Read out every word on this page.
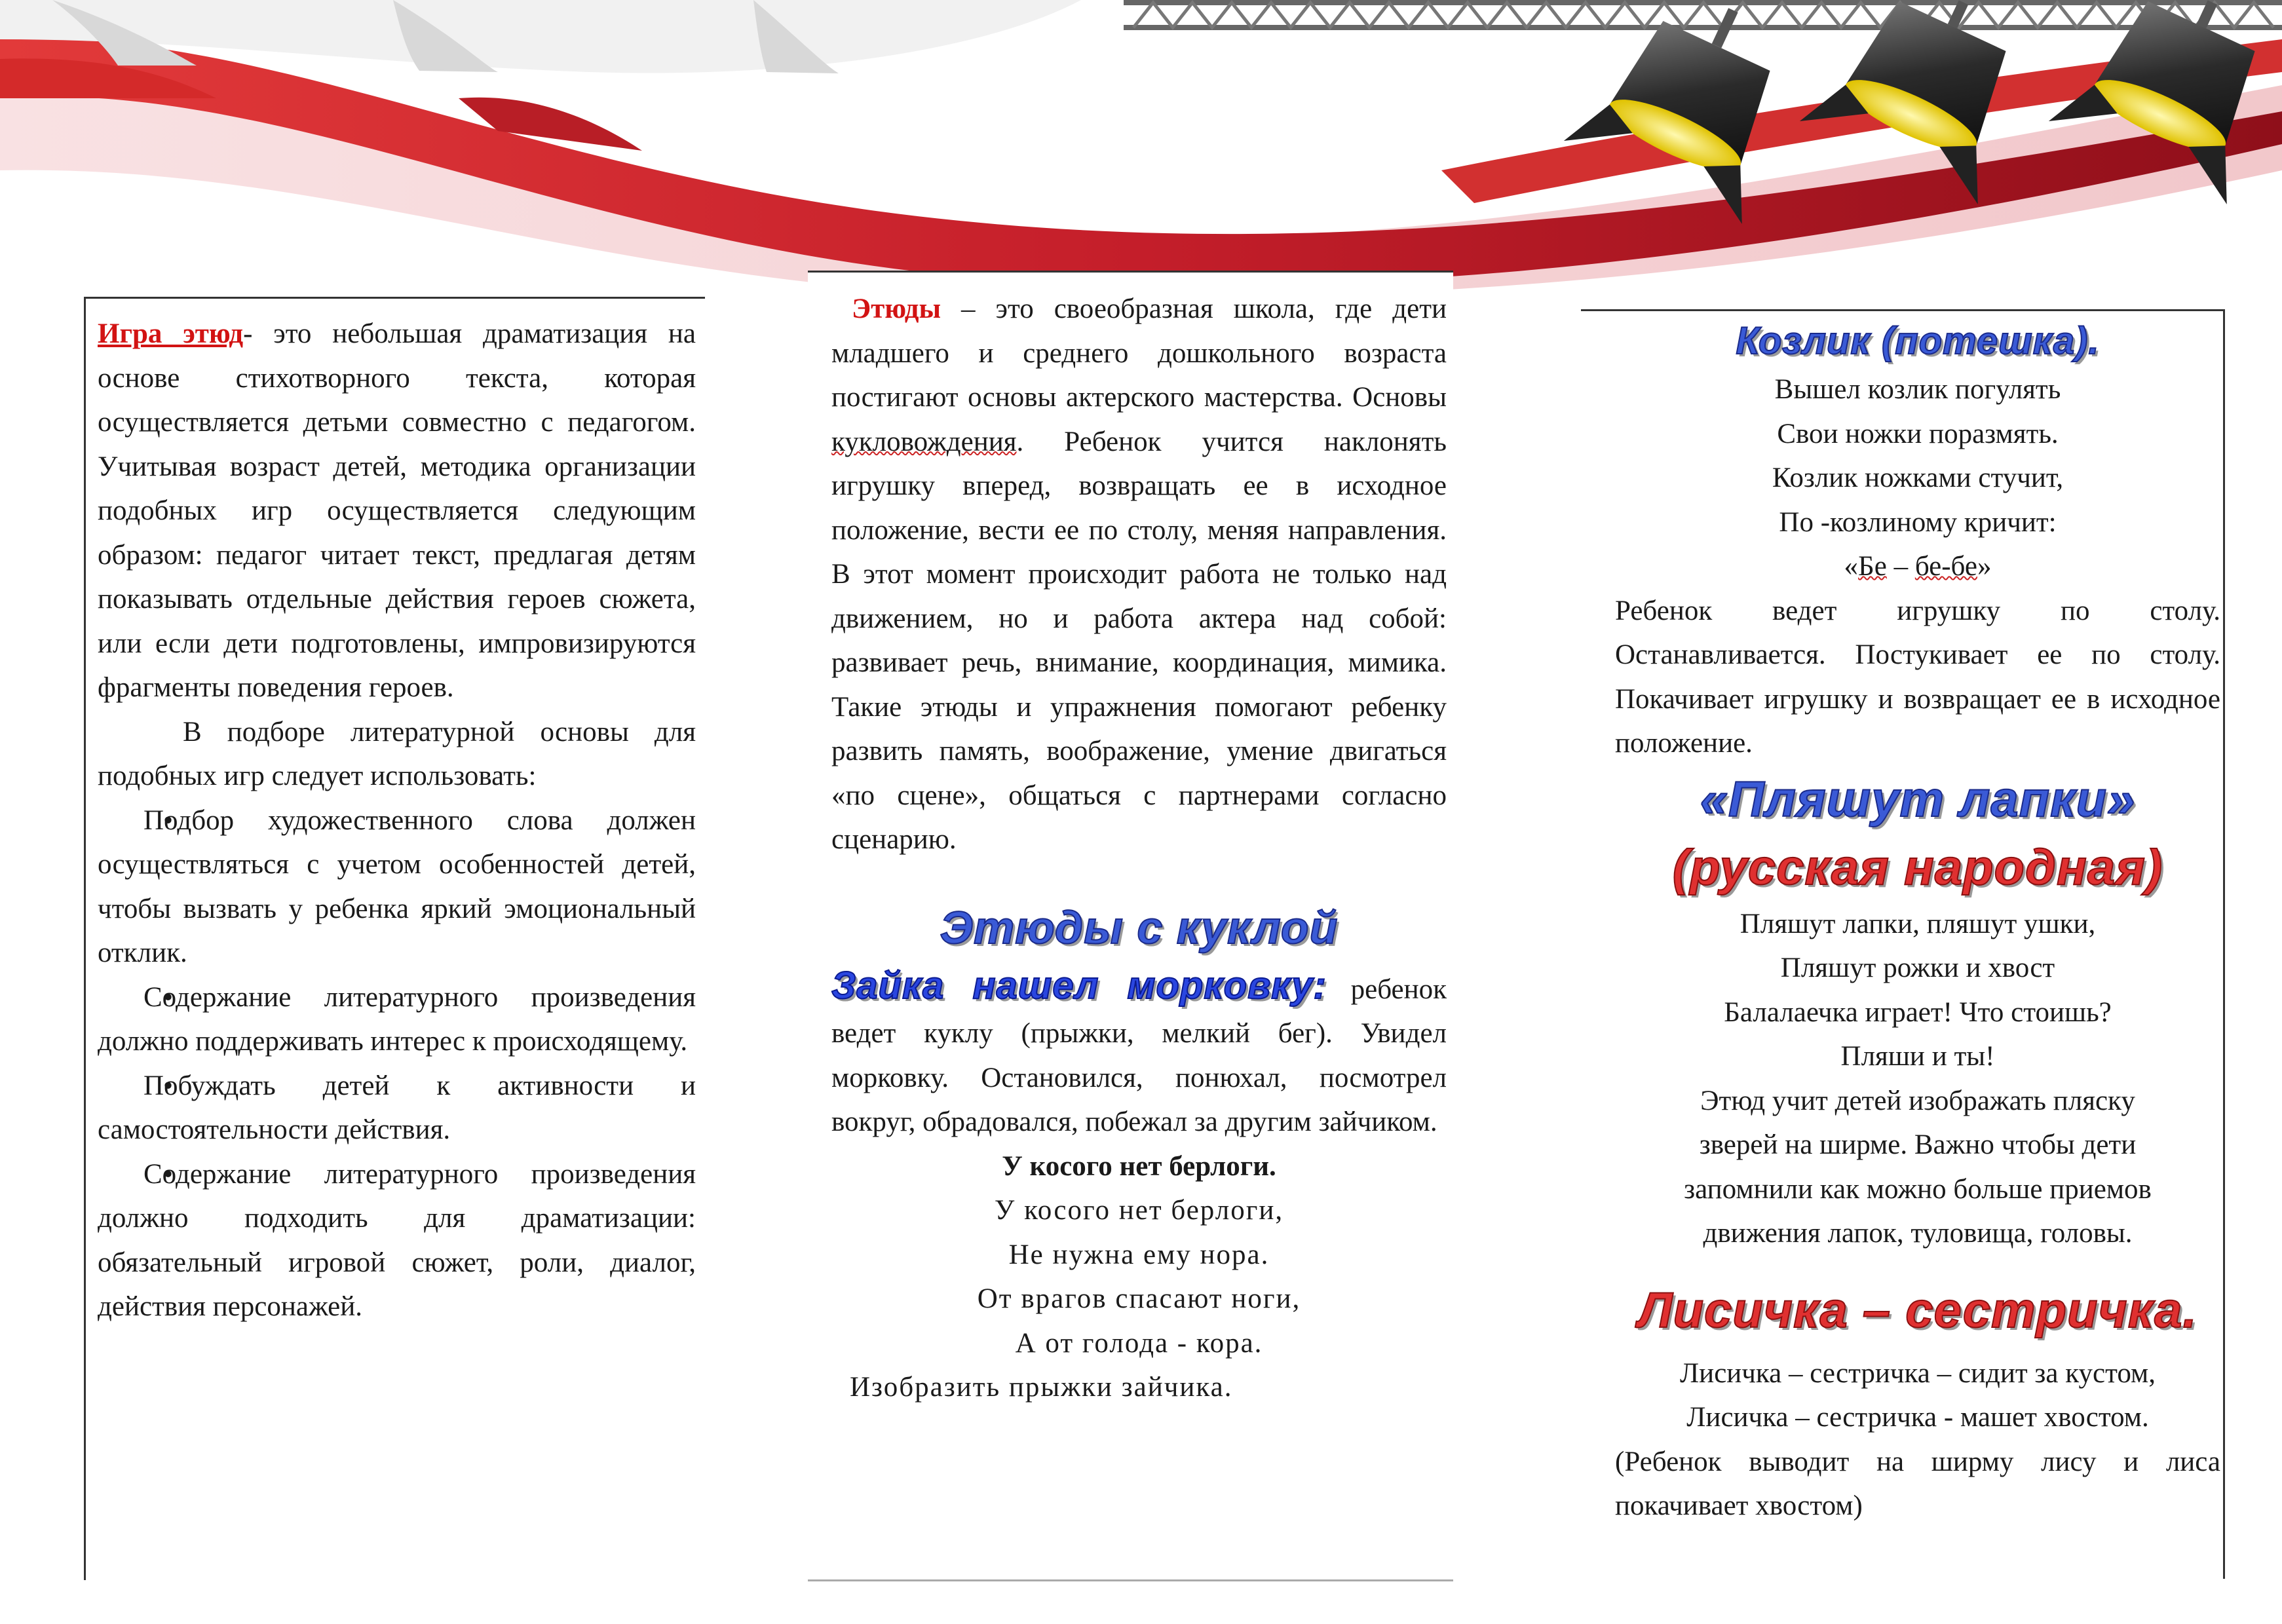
Игра этюд- это небольшая драматизация на основе стихотворного текста, которая осуществляется детьми совместно с педагогом. Учитывая возраст детей, методика организации подобных игр осуществляется следующим образом: педагог читает текст, предлагая детям показывать отдельные действия героев сюжета, или если дети подготовлены, импровизируются фрагменты поведения героев.

В подборе литературной основы для подобных игр следует использовать:

• Подбор художественного слова должен осуществляться с учетом особенностей детей, чтобы вызвать у ребенка яркий эмоциональный отклик.
• Содержание литературного произведения должно поддерживать интерес к происходящему.
• Побуждать детей к активности и самостоятельности действия.
• Содержание литературного произведения должно подходить для драматизации: обязательный игровой сюжет, роли, диалог, действия персонажей.

Этюды – это своеобразная школа, где дети младшего и среднего дошкольного возраста постигают основы актерского мастерства. Основы кукловождения. Ребенок учится наклонять игрушку вперед, возвращать ее в исходное положение, вести ее по столу, меняя направления. В этот момент происходит работа не только над движением, но и работа актера над собой: развивает речь, внимание, координация, мимика. Такие этюды и упражнения помогают ребенку развить память, воображение, умение двигаться «по сцене», общаться с партнерами согласно сценарию.

Этюды с куклой

Зайка нашел морковку: ребенок ведет куклу (прыжки, мелкий бег). Увидел морковку. Остановился, понюхал, посмотрел вокруг, обрадовался, побежал за другим зайчиком.

У косого нет берлоги.

У косого нет берлоги,

Не нужна ему нора.

От врагов спасают ноги,

А от голода - кора.

Изобразить прыжки зайчика.

Козлик (потешка).

Вышел козлик погулять

Свои ножки поразмять.

Козлик ножками стучит,

По -козлиному кричит:

«Бе – бе-бе»

Ребенок ведет игрушку по столу. Останавливается. Постукивает ее по столу. Покачивает игрушку и возвращает ее в исходное положение.

«Пляшут лапки»
(русская народная)

Пляшут лапки, пляшут ушки,

Пляшут рожки и хвост

Балалаечка играет! Что стоишь?

Пляши и ты!

Этюд учит детей изображать пляску

зверей на ширме. Важно чтобы дети

запомнили как можно больше приемов

движения лапок, туловища, головы.

Лисичка – сестричка.

Лисичка – сестричка – сидит за кустом,

Лисичка – сестричка - машет хвостом.

(Ребенок выводит на ширму лису и лиса покачивает хвостом)
